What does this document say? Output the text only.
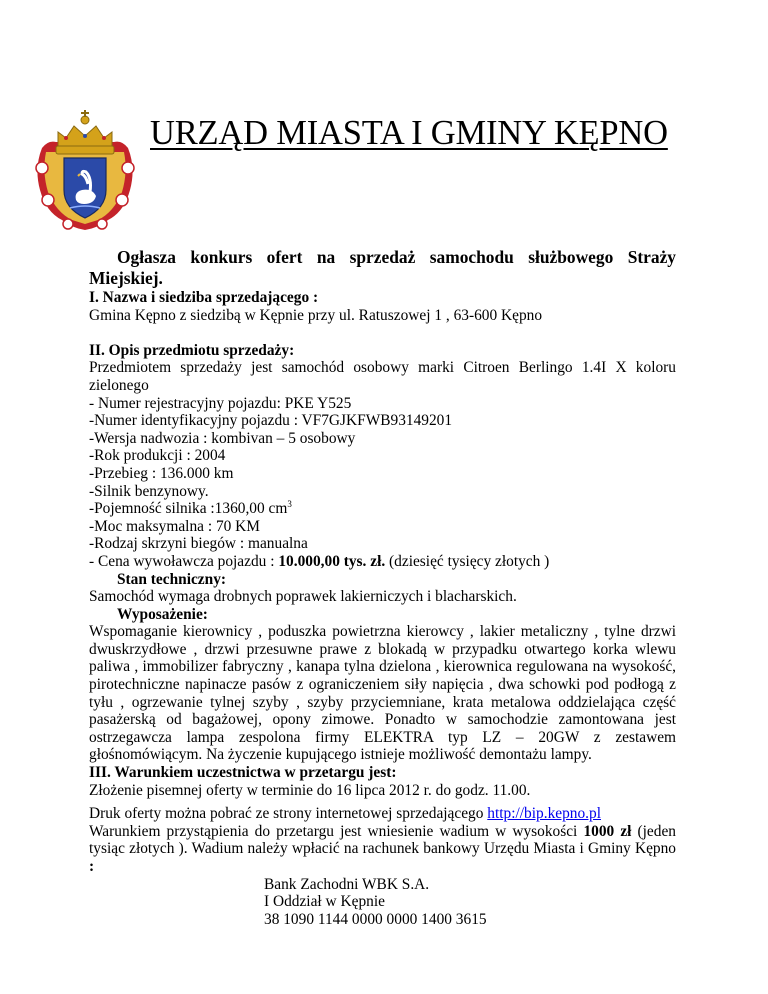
URZĄD MIASTA I GMINY KĘPNO

Ogłasza konkurs ofert na sprzedaż samochodu służbowego Straży Miejskiej.

I. Nazwa i siedziba sprzedającego :

Gmina Kępno z siedzibą w Kępnie przy ul. Ratuszowej 1 , 63-600 Kępno

II. Opis przedmiotu sprzedaży:

Przedmiotem sprzedaży jest samochód osobowy marki Citroen Berlingo 1.4I X koloru zielonego

- Numer rejestracyjny pojazdu: PKE Y525

-Numer identyfikacyjny pojazdu : VF7GJKFWB93149201

-Wersja nadwozia : kombivan – 5 osobowy

-Rok produkcji : 2004

-Przebieg : 136.000 km

-Silnik benzynowy.

-Pojemność silnika :1360,00 $cm^3$

-Moc maksymalna : 70 KM

-Rodzaj skrzyni biegów : manualna

- Cena wywoławcza pojazdu : 10.000,00 tys. zł. (dziesięć tysięcy złotych )

Stan techniczny:

Samochód wymaga drobnych poprawek lakierniczych i blacharskich.

Wyposażenie:

Wspomaganie kierownicy , poduszka powietrzna kierowcy , lakier metaliczny , tylne drzwi dwuskrzydłowe , drzwi przesuwne prawe z blokadą w przypadku otwartego korka wlewu paliwa , immobilizer fabryczny , kanapa tylna dzielona , kierownica regulowana na wysokość, pirotechniczne napinacze pasów z ograniczeniem siły napięcia , dwa schowki pod podłogą z tyłu , ogrzewanie tylnej szyby , szyby przyciemniane, krata metalowa oddzielająca część pasażerską od bagażowej, opony zimowe. Ponadto w samochodzie zamontowana jest ostrzegawcza lampa zespolona firmy ELEKTRA typ LZ – 20GW z zestawem głośnomówiącym. Na życzenie kupującego istnieje możliwość demontażu lampy.

III. Warunkiem uczestnictwa w przetargu jest:

Złożenie pisemnej oferty w terminie do 16 lipca 2012 r. do godz. 11.00.

Druk oferty można pobrać ze strony internetowej sprzedającego http://bip.kepno.pl

Warunkiem przystąpienia do przetargu jest wniesienie wadium w wysokości 1000 zł (jeden tysiąc złotych ). Wadium należy wpłacić na rachunek bankowy Urzędu Miasta i Gminy Kępno :

Bank Zachodni WBK S.A.

I Oddział w Kępnie

38 1090 1144 0000 0000 1400 3615
